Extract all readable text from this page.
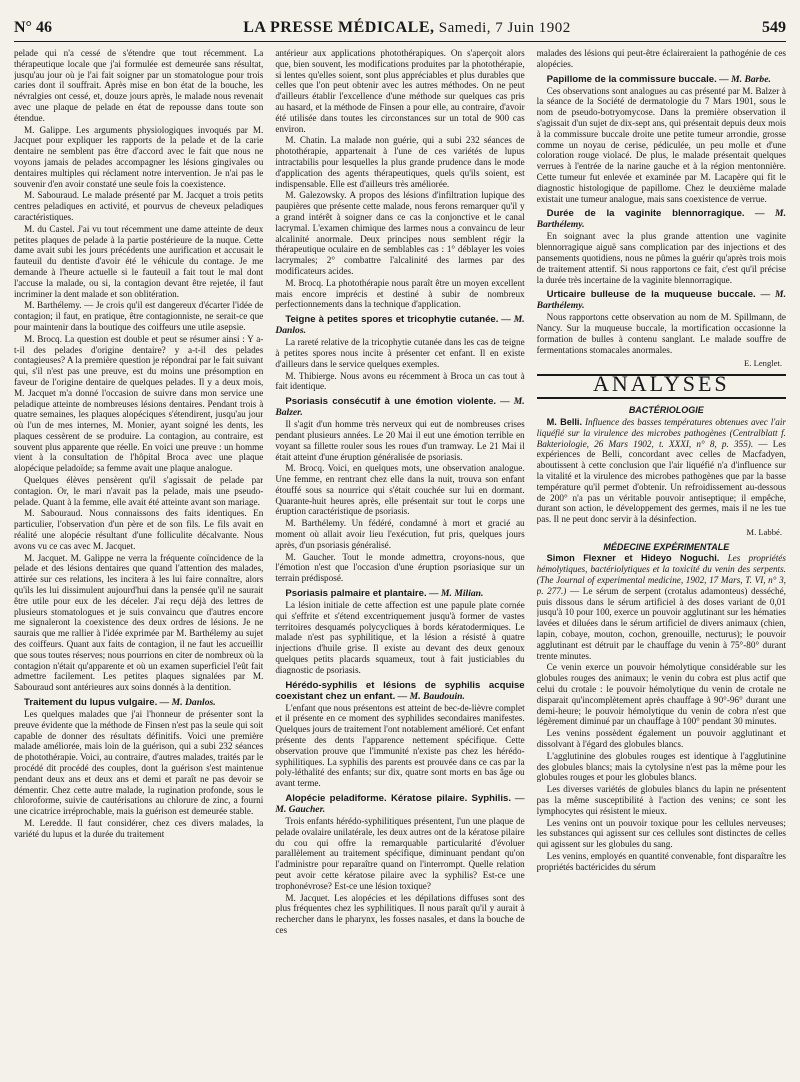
N° 46	LA PRESSE MÉDICALE, Samedi, 7 Juin 1902	549

pelade qui n'a cessé de s'étendre que tout récemment. La thérapeutique locale que j'ai formulée est demeurée sans résultat, jusqu'au jour où je l'ai fait soigner par un stomatologue pour trois caries dont il souffrait. Après mise en bon état de la bouche, les névralgies ont cessé, et, douze jours après, le malade nous revenait avec une plaque de pelade en état de repousse dans toute son étendue.

M. Galippe. Les arguments physiologiques invoqués par M. Jacquet pour expliquer les rapports de la pelade et de la carie dentaire ne semblent pas être d'accord avec le fait que nous ne voyons jamais de pelades accompagner les lésions gingivales ou dentaires multiples qui réclament notre intervention. Je n'ai pas le souvenir d'en avoir constaté une seule fois la coexistence.

M. Sabouraud. Le malade présenté par M. Jacquet a trois petits centres peladiques en activité, et pourvus de cheveux peladiques caractéristiques.

M. du Castel. J'ai vu tout récemment une dame atteinte de deux petites plaques de pelade à la partie postérieure de la nuque. Cette dame avait subi les jours précédents une aurification et accusait le fauteuil du dentiste d'avoir été le véhicule du contage. Je me demande à l'heure actuelle si le fauteuil a fait tout le mal dont l'accuse la malade, ou si, la contagion devant être rejetée, il faut incriminer la dent malade et son oblitération.

M. Barthélemy. — Je crois qu'il est dangereux d'écarter l'idée de contagion; il faut, en pratique, être contagionniste, ne serait-ce que pour maintenir dans la boutique des coiffeurs une utile asepsie.

M. Brocq. La question est double et peut se résumer ainsi : Y a-t-il des pelades d'origine dentaire? y a-t-il des pelades contagieuses? A la première question je répondrai par le fait suivant qui, s'il n'est pas une preuve, est du moins une présomption en faveur de l'origine dentaire de quelques pelades. Il y a deux mois, M. Jacquet m'a donné l'occasion de suivre dans mon service une peladique atteinte de nombreuses lésions dentaires. Pendant trois à quatre semaines, les plaques alopéciques s'étendirent, jusqu'au jour où l'un de mes internes, M. Monier, ayant soigné les dents, les plaques cessèrent de se produire. La contagion, au contraire, est souvent plus apparente que réelle. En voici une preuve : un homme vient à la consultation de l'hôpital Broca avec une plaque alopécique peladoïde; sa femme avait une plaque analogue.

Quelques élèves pensèrent qu'il s'agissait de pelade par contagion. Or, le mari n'avait pas la pelade, mais une pseudo-pelade. Quant à la femme, elle avait été atteinte avant son mariage.

M. Sabouraud. Nous connaissons des faits identiques. En particulier, l'observation d'un père et de son fils. Le fils avait en réalité une alopécie résultant d'une folliculite décalvante. Nous avons vu ce cas avec M. Jacquet.

M. Jacquet. M. Galippe ne verra la fréquente coïncidence de la pelade et des lésions dentaires que quand l'attention des malades, attirée sur ces relations, les incitera à les lui faire connaître, alors qu'ils les lui dissimulent aujourd'hui dans la pensée qu'il ne saurait être utile pour eux de les déceler. J'ai reçu déjà des lettres de plusieurs stomatologues et je suis convaincu que d'autres encore me signaleront la coexistence des deux ordres de lésions. Je ne saurais que me rallier à l'idée exprimée par M. Barthélemy au sujet des coiffeurs. Quant aux faits de contagion, il ne faut les accueillir que sous toutes réserves; nous pourrions en citer de nombreux où la contagion n'était qu'apparente et où un examen superficiel l'eût fait admettre facilement. Les petites plaques signalées par M. Sabouraud sont antérieures aux soins donnés à la dentition.

Traitement du lupus vulgaire. — M. Danlos.

Les quelques malades que j'ai l'honneur de présenter sont la preuve évidente que la méthode de Finsen n'est pas la seule qui soit capable de donner des résultats définitifs. Voici une première malade améliorée, mais loin de la guérison, qui a subi 232 séances de photothérapie. Voici, au contraire, d'autres malades, traités par le procédé dit procédé des couples, dont la guérison s'est maintenue pendant deux ans et deux ans et demi et paraît ne pas devoir se démentir. Chez cette autre malade, la rugination profonde, sous le chloroforme, suivie de cautérisations au chlorure de zinc, a fourni une cicatrice irréprochable, mais la guérison est demeurée stable.

M. Leredde. Il faut considérer, chez ces divers malades, la variété du lupus et la durée du traitement

antérieur aux applications photothérapiques. On s'aperçoit alors que, bien souvent, les modifications produites par la photothérapie, si lentes qu'elles soient, sont plus appréciables et plus durables que celles que l'on peut obtenir avec les autres méthodes. On ne peut d'ailleurs établir l'excellence d'une méthode sur quelques cas pris au hasard, et la méthode de Finsen a pour elle, au contraire, d'avoir été utilisée dans toutes les circonstances sur un total de 900 cas environ.

M. Chatin. La malade non guérie, qui a subi 232 séances de photothérapie, appartenait à l'une de ces variétés de lupus intractabilis pour lesquelles la plus grande prudence dans le mode d'application des agents thérapeutiques, quels qu'ils soient, est indispensable. Elle est d'ailleurs très améliorée.

M. Galezowsky. A propos des lésions d'infiltration lupique des paupières que présente cette malade, nous ferons remarquer qu'il y a grand intérêt à soigner dans ce cas la conjonctive et le canal lacrymal. L'examen chimique des larmes nous a convaincu de leur alcalinité anormale. Deux principes nous semblent régir la thérapeutique oculaire en de semblables cas : 1° déblayer les voies lacrymales; 2° combattre l'alcalinité des larmes par des modificateurs acides.

M. Brocq. La photothérapie nous paraît être un moyen excellent mais encore imprécis et destiné à subir de nombreux perfectionnements dans la technique d'application.

Teigne à petites spores et tricophytie cutanée. — M. Danlos.

La rareté relative de la tricophytie cutanée dans les cas de teigne à petites spores nous incite à présenter cet enfant. Il en existe d'ailleurs dans le service quelques exemples.

M. Thibierge. Nous avons eu récemment à Broca un cas tout à fait identique.

Psoriasis consécutif à une émotion violente. — M. Balzer.

Il s'agit d'un homme très nerveux qui eut de nombreuses crises pendant plusieurs années. Le 20 Mai il eut une émotion terrible en voyant sa fillette rouler sous les roues d'un tramway. Le 21 Mai il était atteint d'une éruption généralisée de psoriasis.

M. Brocq. Voici, en quelques mots, une observation analogue. Une femme, en rentrant chez elle dans la nuit, trouva son enfant étouffé sous sa nourrice qui s'était couchée sur lui en dormant. Quarante-huit heures après, elle présentait sur tout le corps une éruption caractéristique de psoriasis.

M. Barthélemy. Un fédéré, condamné à mort et gracié au moment où allait avoir lieu l'exécution, fut pris, quelques jours après, d'un psoriasis généralisé.

M. Gaucher. Tout le monde admettra, croyons-nous, que l'émotion n'est que l'occasion d'une éruption psoriasique sur un terrain prédisposé.

Psoriasis palmaire et plantaire. — M. Milian.

La lésion initiale de cette affection est une papule plate cornée qui s'effrite et s'étend excentriquement jusqu'à former de vastes territoires desquamés polycycliques à bords kératodermiques. Le malade n'est pas syphilitique, et la lésion a résisté à quatre injections d'huile grise. Il existe au devant des deux genoux quelques petits placards squameux, tout à fait justiciables du diagnostic de psoriasis.

Hérédo-syphilis et lésions de syphilis acquise coexistant chez un enfant. — M. Baudouin.

L'enfant que nous présentons est atteint de bec-de-lièvre complet et il présente en ce moment des syphilides secondaires manifestes. Quelques jours de traitement l'ont notablement amélioré. Cet enfant présente des dents l'apparence nettement spécifique. Cette observation prouve que l'immunité n'existe pas chez les hérédo-syphilitiques. La syphilis des parents est prouvée dans ce cas par la poly-léthalité des enfants; sur dix, quatre sont morts en bas âge ou avant terme.

Alopécie peladiforme. Kératose pilaire. Syphilis. — M. Gaucher.

Trois enfants hérédo-syphilitiques présentent, l'un une plaque de pelade ovalaire unilatérale, les deux autres ont de la kératose pilaire du cou qui offre la remarquable particularité d'évoluer parallèlement au traitement spécifique, diminuant pendant qu'on l'administre pour reparaître quand on l'interrompt. Quelle relation peut avoir cette kératose pilaire avec la syphilis? Est-ce une trophonévrose? Est-ce une lésion toxique?

M. Jacquet. Les alopécies et les dépilations diffuses sont des plus fréquentes chez les syphilitiques. Il nous paraît qu'il y aurait à rechercher dans le pharynx, les fosses nasales, et dans la bouche de ces

malades des lésions qui peut-être éclaireraient la pathogénie de ces alopécies.

Papillome de la commissure buccale. — M. Barbe.

Ces observations sont analogues au cas présenté par M. Balzer à la séance de la Société de dermatologie du 7 Mars 1901, sous le nom de pseudo-botryomycose. Dans la première observation il s'agissait d'un sujet de dix-sept ans, qui présentait depuis deux mois à la commissure buccale droite une petite tumeur arrondie, grosse comme un noyau de cerise, pédiculée, un peu molle et d'une coloration rouge violacé. De plus, le malade présentait quelques verrues à l'entrée de la narine gauche et à la région mentonnière. Cette tumeur fut enlevée et examinée par M. Lacapère qui fit le diagnostic histologique de papillome. Chez le deuxième malade existait une tumeur analogue, mais sans coexistence de verrue.

Durée de la vaginite blennorragique. — M. Barthélemy.

En soignant avec la plus grande attention une vaginite blennorragique aiguë sans complication par des injections et des pansements quotidiens, nous ne pûmes la guérir qu'après trois mois de traitement attentif. Si nous rapportons ce fait, c'est qu'il précise la durée très incertaine de la vaginite blennorragique.

Urticaire bulleuse de la muqueuse buccale. — M. Barthélemy.

Nous rapportons cette observation au nom de M. Spillmann, de Nancy. Sur la muqueuse buccale, la mortification occasionne la formation de bulles à contenu sanglant. Le malade souffre de fermentations stomacales anormales.

E. Lenglet.

ANALYSES

BACTÉRIOLOGIE

M. Belli. Influence des basses températures obtenues avec l'air liquéfié sur la virulence des microbes pathogènes (Centralblatt f. Bakteriologie, 26 Mars 1902, t. XXXI, n° 8, p. 355). — Les expériences de Belli, concordant avec celles de Macfadyen, aboutissent à cette conclusion que l'air liquéfié n'a d'influence sur la vitalité et la virulence des microbes pathogènes que par la basse température qu'il permet d'obtenir. Un refroidissement au-dessous de 200° n'a pas un véritable pouvoir antiseptique; il empêche, durant son action, le développement des germes, mais il ne les tue pas. Il ne peut donc servir à la désinfection.

M. Labbé.

MÉDECINE EXPÉRIMENTALE

Simon Flexner et Hideyo Noguchi. Les propriétés hémolytiques, bactériolytiques et la toxicité du venin des serpents. (The Journal of experimental medicine, 1902, 17 Mars, T. VI, n° 3, p. 277.) — Le sérum de serpent (crotalus adamonteus) desséché, puis dissous dans le sérum artificiel à des doses variant de 0,01 jusqu'à 10 pour 100, exerce un pouvoir agglutinant sur les hématies lavées et diluées dans le sérum artificiel de divers animaux (chien, lapin, cobaye, mouton, cochon, grenouille, necturus); le pouvoir agglutinant est détruit par le chauffage du venin à 75°-80° durant trente minutes.

Ce venin exerce un pouvoir hémolytique considérable sur les globules rouges des animaux; le venin du cobra est plus actif que celui du crotale : le pouvoir hémolytique du venin de crotale ne disparait qu'incomplètement après chauffage à 90°-96° durant une demi-heure; le pouvoir hémolytique du venin de cobra n'est que légèrement diminué par un chauffage à 100° pendant 30 minutes.

Les venins possèdent également un pouvoir agglutinant et dissolvant à l'égard des globules blancs.

L'agglutinine des globules rouges est identique à l'agglutinine des globules blancs; mais la cytolysine n'est pas la même pour les globules rouges et pour les globules blancs.

Les diverses variétés de globules blancs du lapin ne présentent pas la même susceptibilité à l'action des venins; ce sont les lymphocytes qui résistent le mieux.

Les venins ont un pouvoir toxique pour les cellules nerveuses; les substances qui agissent sur ces cellules sont distinctes de celles qui agissent sur les globules du sang.

Les venins, employés en quantité convenable, font disparaître les propriétés bactéricides du sérum
